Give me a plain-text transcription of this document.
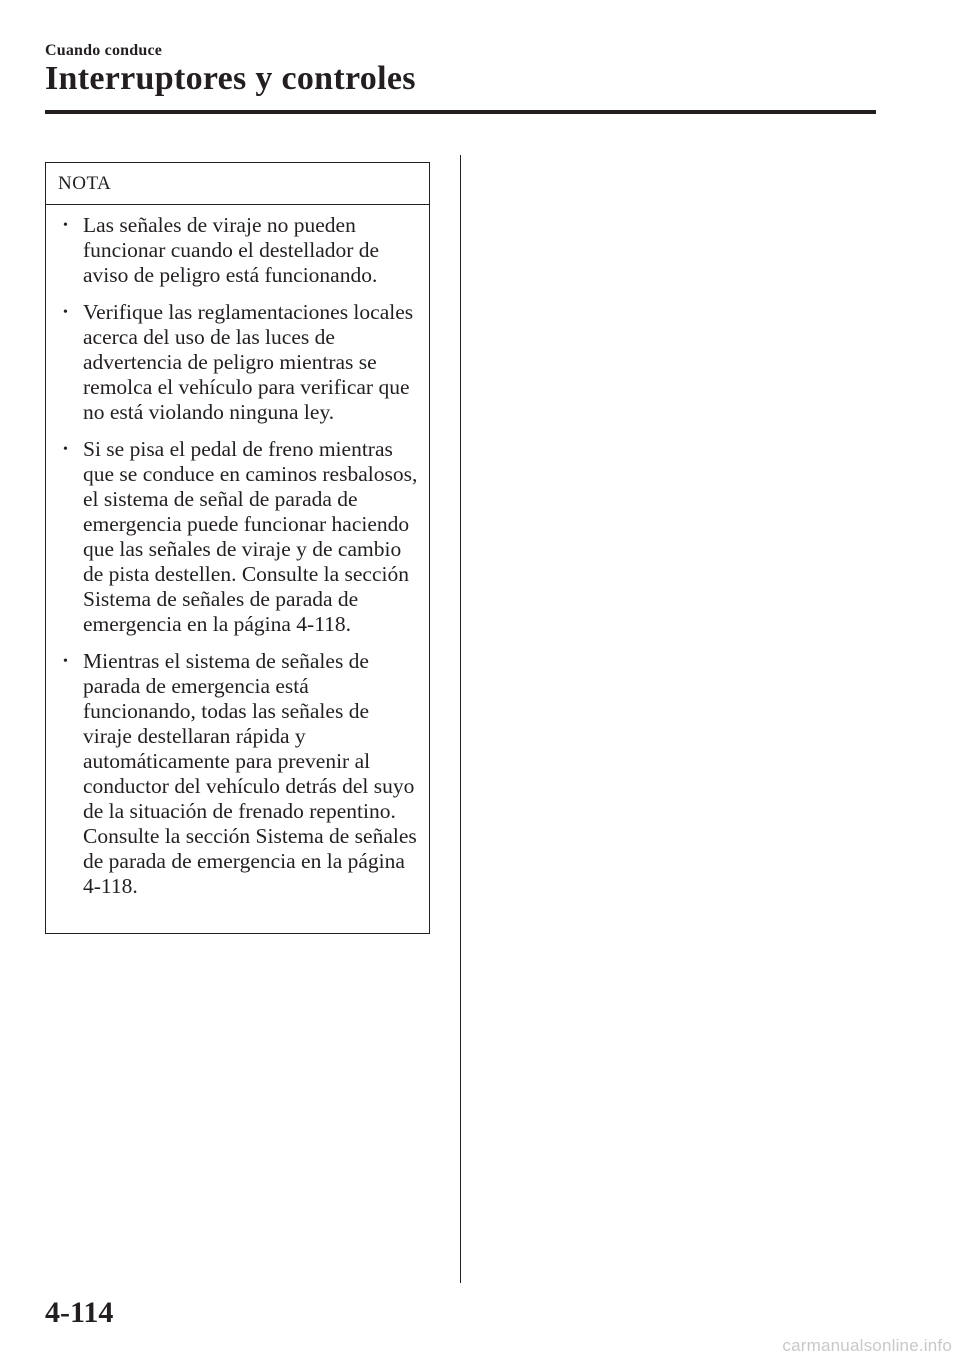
Cuando conduce
Interruptores y controles
NOTA
• Las señales de viraje no pueden funcionar cuando el destellador de aviso de peligro está funcionando.
• Verifique las reglamentaciones locales acerca del uso de las luces de advertencia de peligro mientras se remolca el vehículo para verificar que no está violando ninguna ley.
• Si se pisa el pedal de freno mientras que se conduce en caminos resbalosos, el sistema de señal de parada de emergencia puede funcionar haciendo que las señales de viraje y de cambio de pista destellen. Consulte la sección Sistema de señales de parada de emergencia en la página 4-118.
• Mientras el sistema de señales de parada de emergencia está funcionando, todas las señales de viraje destellaran rápida y automáticamente para prevenir al conductor del vehículo detrás del suyo de la situación de frenado repentino. Consulte la sección Sistema de señales de parada de emergencia en la página 4-118.
4-114
carmanualsonline.info
